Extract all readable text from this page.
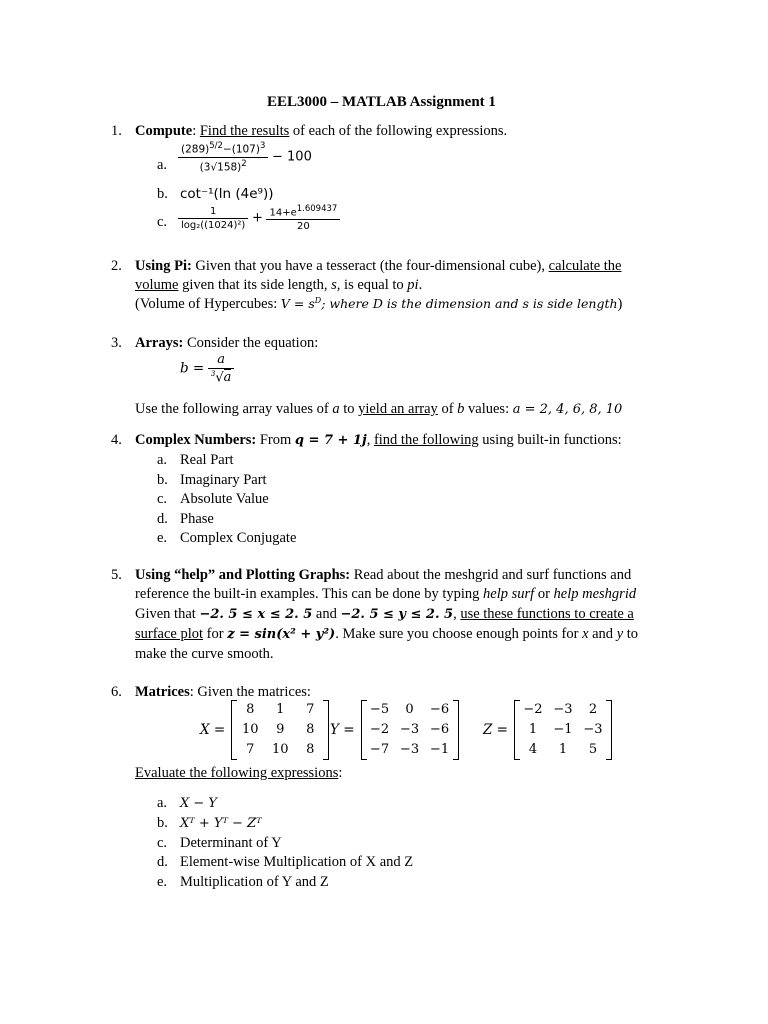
EEL3000 – MATLAB Assignment 1
1. Compute: Find the results of each of the following expressions.
a. $\frac{(289)^{5/2}-(107)^3}{(3√158)^2} - 100$
b. cot⁻¹(ln (4e⁹))
c. $\frac{1}{\text{log₂((1024)²)}} + \frac{14+e^{1.609437}}{20}$
2. Using Pi: Given that you have a tesseract (the four-dimensional cube), calculate the
volume given that its side length, s, is equal to pi.
(Volume of Hypercubes: $V = s^D$; where D is the dimension and s is side length)
3. Arrays: Consider the equation:
$b = \frac{a}{^3√a}$
Use the following array values of a to yield an array of b values: a = 2, 4, 6, 8, 10
4. Complex Numbers: From q = 7 + 1j, find the following using built-in functions:
a. Real Part
b. Imaginary Part
c. Absolute Value
d. Phase
e. Complex Conjugate
5. Using “help” and Plotting Graphs: Read about the meshgrid and surf functions and
reference the built-in examples. This can be done by typing help surf or help meshgrid
Given that −2. 5 ≤ x ≤ 2. 5 and −2. 5 ≤ y ≤ 2. 5, use these functions to create a
surface plot for z = sin(x² + y²). Make sure you choose enough points for x and y to
make the curve smooth.
6. Matrices: Given the matrices:
X =
8	1	7
10	9	8
7	10	8
Y =
−5	0	−6
−2 −3 −6
−7 −3 −1
Z =
−2 −3	2
1	−1 −3
4	1	5
Evaluate the following expressions:
a. X − Y
b. Xᵀ + Yᵀ − Zᵀ
c. Determinant of Y
d. Element-wise Multiplication of X and Z
e. Multiplication of Y and Z
